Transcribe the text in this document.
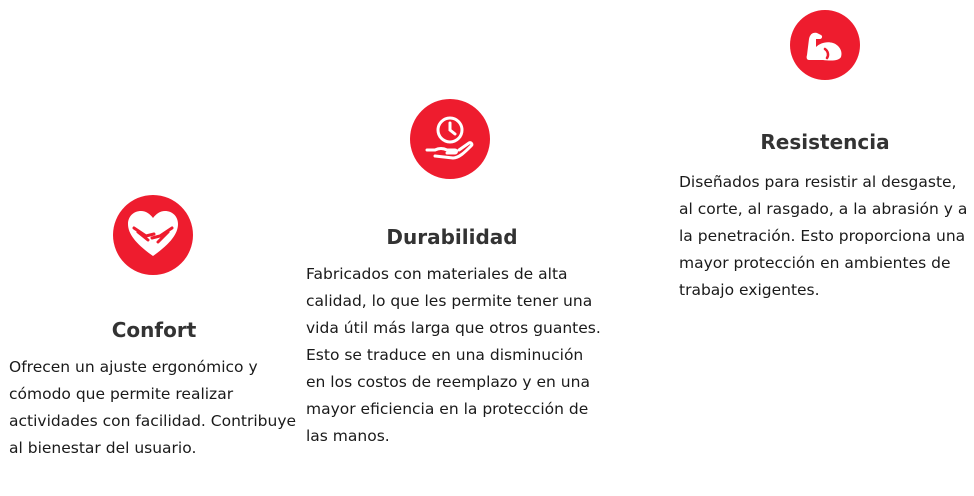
Confort

Ofrecen un ajuste ergonómico y cómodo que permite realizar actividades con facilidad. Contribuye al bienestar del usuario.

Durabilidad

Fabricados con materiales de alta calidad, lo que les permite tener una vida útil más larga que otros guantes. Esto se traduce en una disminución en los costos de reemplazo y en una mayor eficiencia en la protección de las manos.

Resistencia

Diseñados para resistir al desgaste, al corte, al rasgado, a la abrasión y a la penetración. Esto proporciona una mayor protección en ambientes de trabajo exigentes.
